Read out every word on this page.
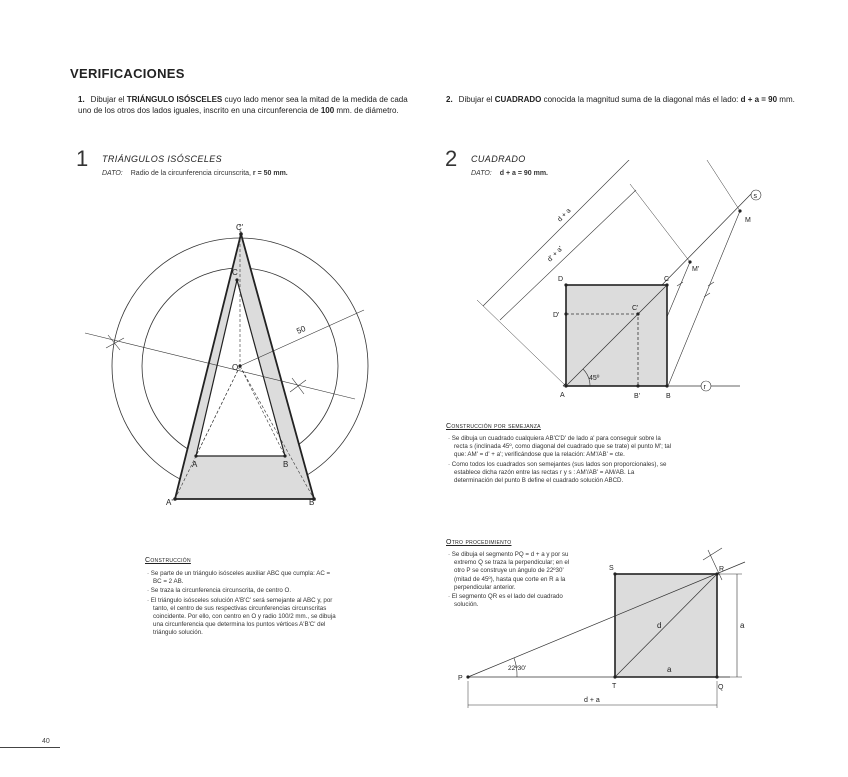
VERIFICACIONES
1. Dibujar el TRIÁNGULO ISÓSCELES cuyo lado menor sea la mitad de la medida de cada uno de los otros dos lados iguales, inscrito en una circunferencia de 100 mm. de diámetro.
2. Dibujar el CUADRADO conocida la magnitud suma de la diagonal más el lado: d + a = 90 mm.
1 TRIÁNGULOS ISÓSCELES
DATO: Radio de la circunferencia circunscrita, r = 50 mm.
2 CUADRADO
DATO: d + a = 90 mm.
C'
C
O
A	B
A'	B'
50
s
r
d + a
d' + a'
45º
M
M'
D	C
D'
C'
A	B'	B
Construcción
· Se parte de un triángulo isósceles auxiliar ABC que cumpla: AC = BC = 2 AB.
· Se traza la circunferencia circunscrita, de centro O.
· El triángulo isósceles solución A'B'C' será semejante al ABC y, por tanto, el centro de sus respectivas circunferencias circunscritas coincidente. Por ello, con centro en O y radio 100/2 mm., se dibuja una circunferencia que determina los puntos vértices A'B'C' del triángulo solución.
Construcción por semejanza
· Se dibuja un cuadrado cualquiera AB'C'D' de lado a' para conseguir sobre la recta s (inclinada 45º, como diagonal del cuadrado que se trate) el punto M'; tal que: AM' = d' + a'; verificándose que la relación: AM'/AB' = cte.
· Como todos los cuadrados son semejantes (sus lados son proporcionales), se establece dicha razón entre las rectas r y s : AM'/AB' = AM/AB. La determinación del punto B define el cuadrado solución ABCD.
Otro procedimiento
· Se dibuja el segmento PQ = d + a y por su extremo Q se traza la perpendicular; en el otro P se construye un ángulo de 22º30' (mitad de 45º), hasta que corte en R a la perpendicular anterior.
· El segmento QR es el lado del cuadrado solución.
S	R
P
T	Q
d	a
a
22º30'
d + a
40
